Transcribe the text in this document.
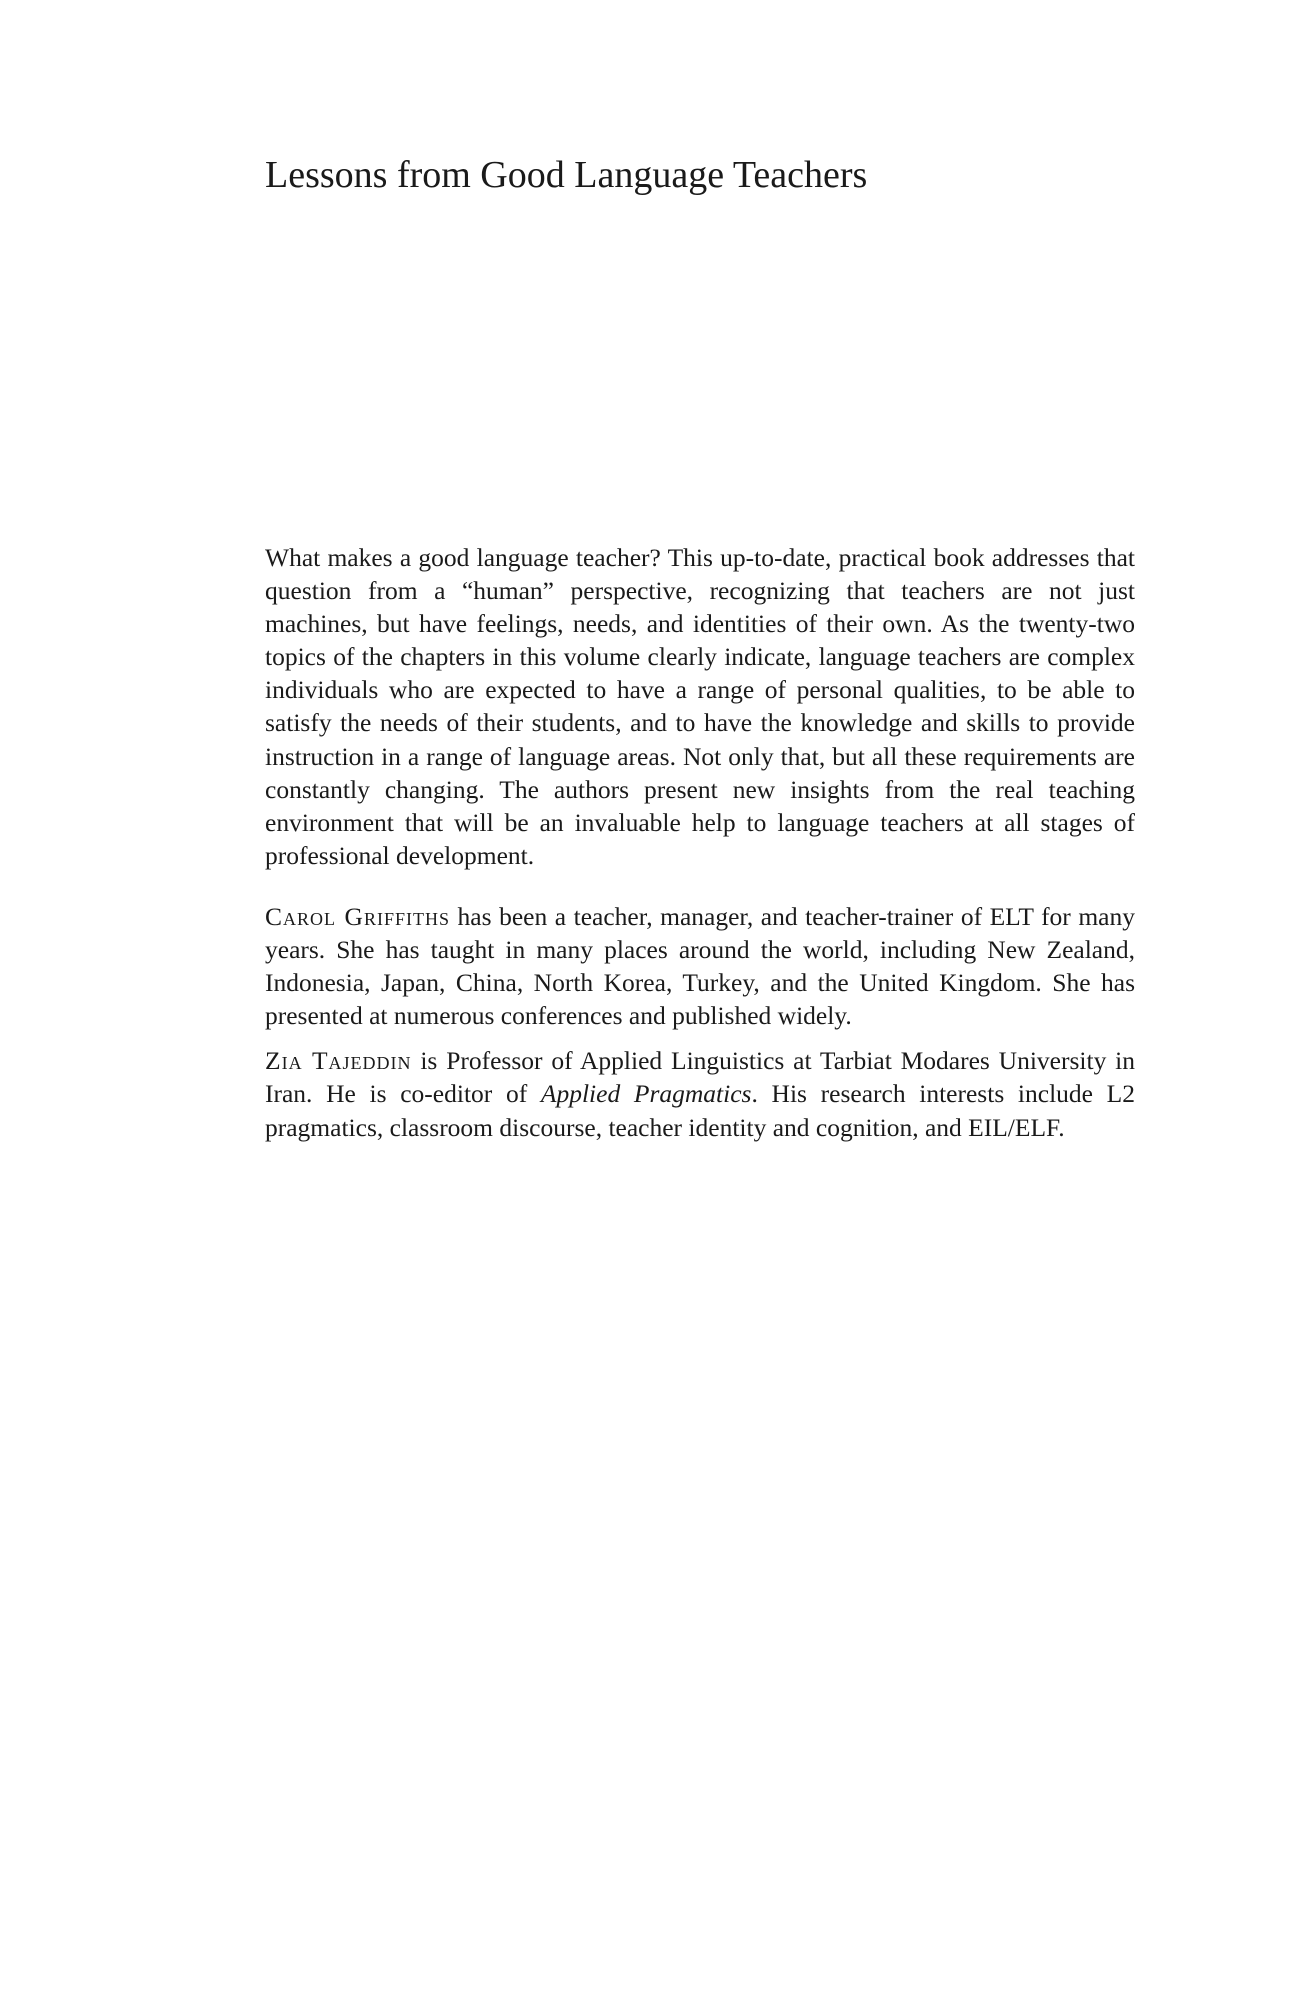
Lessons from Good Language Teachers

What makes a good language teacher? This up-to-date, practical book addresses that question from a “human” perspective, recognizing that teachers are not just machines, but have feelings, needs, and identities of their own. As the twenty-two topics of the chapters in this volume clearly indicate, language teachers are complex individuals who are expected to have a range of personal qualities, to be able to satisfy the needs of their students, and to have the knowledge and skills to provide instruction in a range of language areas. Not only that, but all these requirements are constantly changing. The authors present new insights from the real teaching environment that will be an invaluable help to language teachers at all stages of professional development.

Carol Griffiths has been a teacher, manager, and teacher-trainer of ELT for many years. She has taught in many places around the world, including New Zealand, Indonesia, Japan, China, North Korea, Turkey, and the United Kingdom. She has presented at numerous conferences and published widely.

Zia Tajeddin is Professor of Applied Linguistics at Tarbiat Modares University in Iran. He is co-editor of Applied Pragmatics. His research interests include L2 pragmatics, classroom discourse, teacher identity and cognition, and EIL/ELF.
